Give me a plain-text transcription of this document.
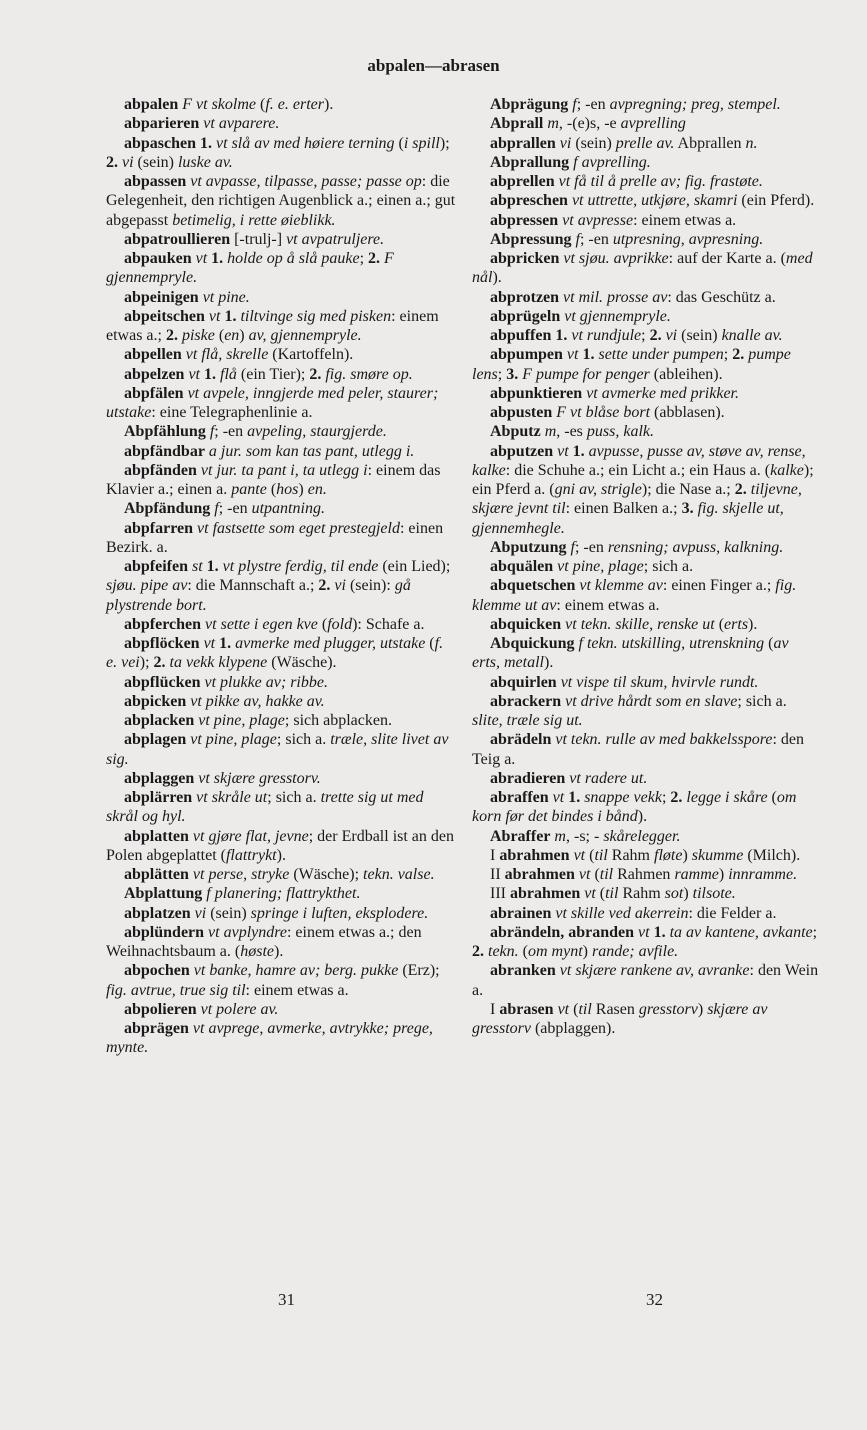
abpalen—abrasen

abpalen F vt skolme (f. e. erter).

abparieren vt avparere.

abpaschen 1. vt slå av med høiere terning (i spill); 2. vi (sein) luske av.

abpassen vt avpasse, tilpasse, passe; passe op: die Gelegenheit, den richtigen Augenblick a.; einen a.; gut abgepasst betimelig, i rette øieblikk.

abpatroullieren [-trulj-] vt avpatruljere.

abpauken vt 1. holde op å slå pauke; 2. F gjennempryle.

abpeinigen vt pine.

abpeitschen vt 1. tiltvinge sig med pisken: einem etwas a.; 2. piske (en) av, gjennempryle.

abpellen vt flå, skrelle (Kartoffeln).

abpelzen vt 1. flå (ein Tier); 2. fig. smøre op.

abpfälen vt avpele, inngjerde med peler, staurer; utstake: eine Telegraphenlinie a.

Abpfählung f; -en avpeling, staurgjerde.

abpfändbar a jur. som kan tas pant, utlegg i.

abpfänden vt jur. ta pant i, ta utlegg i: einem das Klavier a.; einen a. pante (hos) en.

Abpfändung f; -en utpantning.

abpfarren vt fastsette som eget prestegjeld: einen Bezirk. a.

abpfeifen st 1. vt plystre ferdig, til ende (ein Lied); sjøu. pipe av: die Mannschaft a.; 2. vi (sein): gå plystrende bort.

abpferchen vt sette i egen kve (fold): Schafe a.

abpflöcken vt 1. avmerke med plugger, utstake (f. e. vei); 2. ta vekk klypene (Wäsche).

abpflücken vt plukke av; ribbe.

abpicken vt pikke av, hakke av.

abplacken vt pine, plage; sich abplacken.

abplagen vt pine, plage; sich a. træle, slite livet av sig.

abplaggen vt skjære gresstorv.

abplärren vt skråle ut; sich a. trette sig ut med skrål og hyl.

abplatten vt gjøre flat, jevne; der Erdball ist an den Polen abgeplattet (flattrykt).

abplätten vt perse, stryke (Wäsche); tekn. valse.

Abplattung f planering; flattrykthet.

abplatzen vi (sein) springe i luften, eksplodere.

abplündern vt avplyndre: einem etwas a.; den Weihnachtsbaum a. (høste).

abpochen vt banke, hamre av; berg. pukke (Erz); fig. avtrue, true sig til: einem etwas a.

abpolieren vt polere av.

abprägen vt avprege, avmerke, avtrykke; prege, mynte.

Abprägung f; -en avpregning; preg, stempel.

Abprall m, -(e)s, -e avprelling

abprallen vi (sein) prelle av. Abprallen n.

Abprallung f avprelling.

abprellen vt få til å prelle av; fig. frastøte.

abpreschen vt uttrette, utkjøre, skamri (ein Pferd).

abpressen vt avpresse: einem etwas a.

Abpressung f; -en utpresning, avpresning.

abpricken vt sjøu. avprikke: auf der Karte a. (med nål).

abprotzen vt mil. prosse av: das Geschütz a.

abprügeln vt gjennempryle.

abpuffen 1. vt rundjule; 2. vi (sein) knalle av.

abpumpen vt 1. sette under pumpen; 2. pumpe lens; 3. F pumpe for penger (ableihen).

abpunktieren vt avmerke med prikker.

abpusten F vt blåse bort (abblasen).

Abputz m, -es puss, kalk.

abputzen vt 1. avpusse, pusse av, støve av, rense, kalke: die Schuhe a.; ein Licht a.; ein Haus a. (kalke); ein Pferd a. (gni av, strigle); die Nase a.; 2. tiljevne, skjære jevnt til: einen Balken a.; 3. fig. skjelle ut, gjennemhegle.

Abputzung f; -en rensning; avpuss, kalkning.

abquälen vt pine, plage; sich a.

abquetschen vt klemme av: einen Finger a.; fig. klemme ut av: einem etwas a.

abquicken vt tekn. skille, renske ut (erts).

Abquickung f tekn. utskilling, utrenskning (av erts, metall).

abquirlen vt vispe til skum, hvirvle rundt.

abrackern vt drive hårdt som en slave; sich a. slite, træle sig ut.

abrädeln vt tekn. rulle av med bakkelsspore: den Teig a.

abradieren vt radere ut.

abraffen vt 1. snappe vekk; 2. legge i skåre (om korn før det bindes i bånd).

Abraffer m, -s; - skårelegger.

I abrahmen vt (til Rahm fløte) skumme (Milch).

II abrahmen vt (til Rahmen ramme) innramme.

III abrahmen vt (til Rahm sot) tilsote.

abrainen vt skille ved akerrein: die Felder a.

abrändeln, abranden vt 1. ta av kantene, avkante; 2. tekn. (om mynt) rande; avfile.

abranken vt skjære rankene av, avranke: den Wein a.

I abrasen vt (til Rasen gresstorv) skjære av gresstorv (abplaggen).

31	32
